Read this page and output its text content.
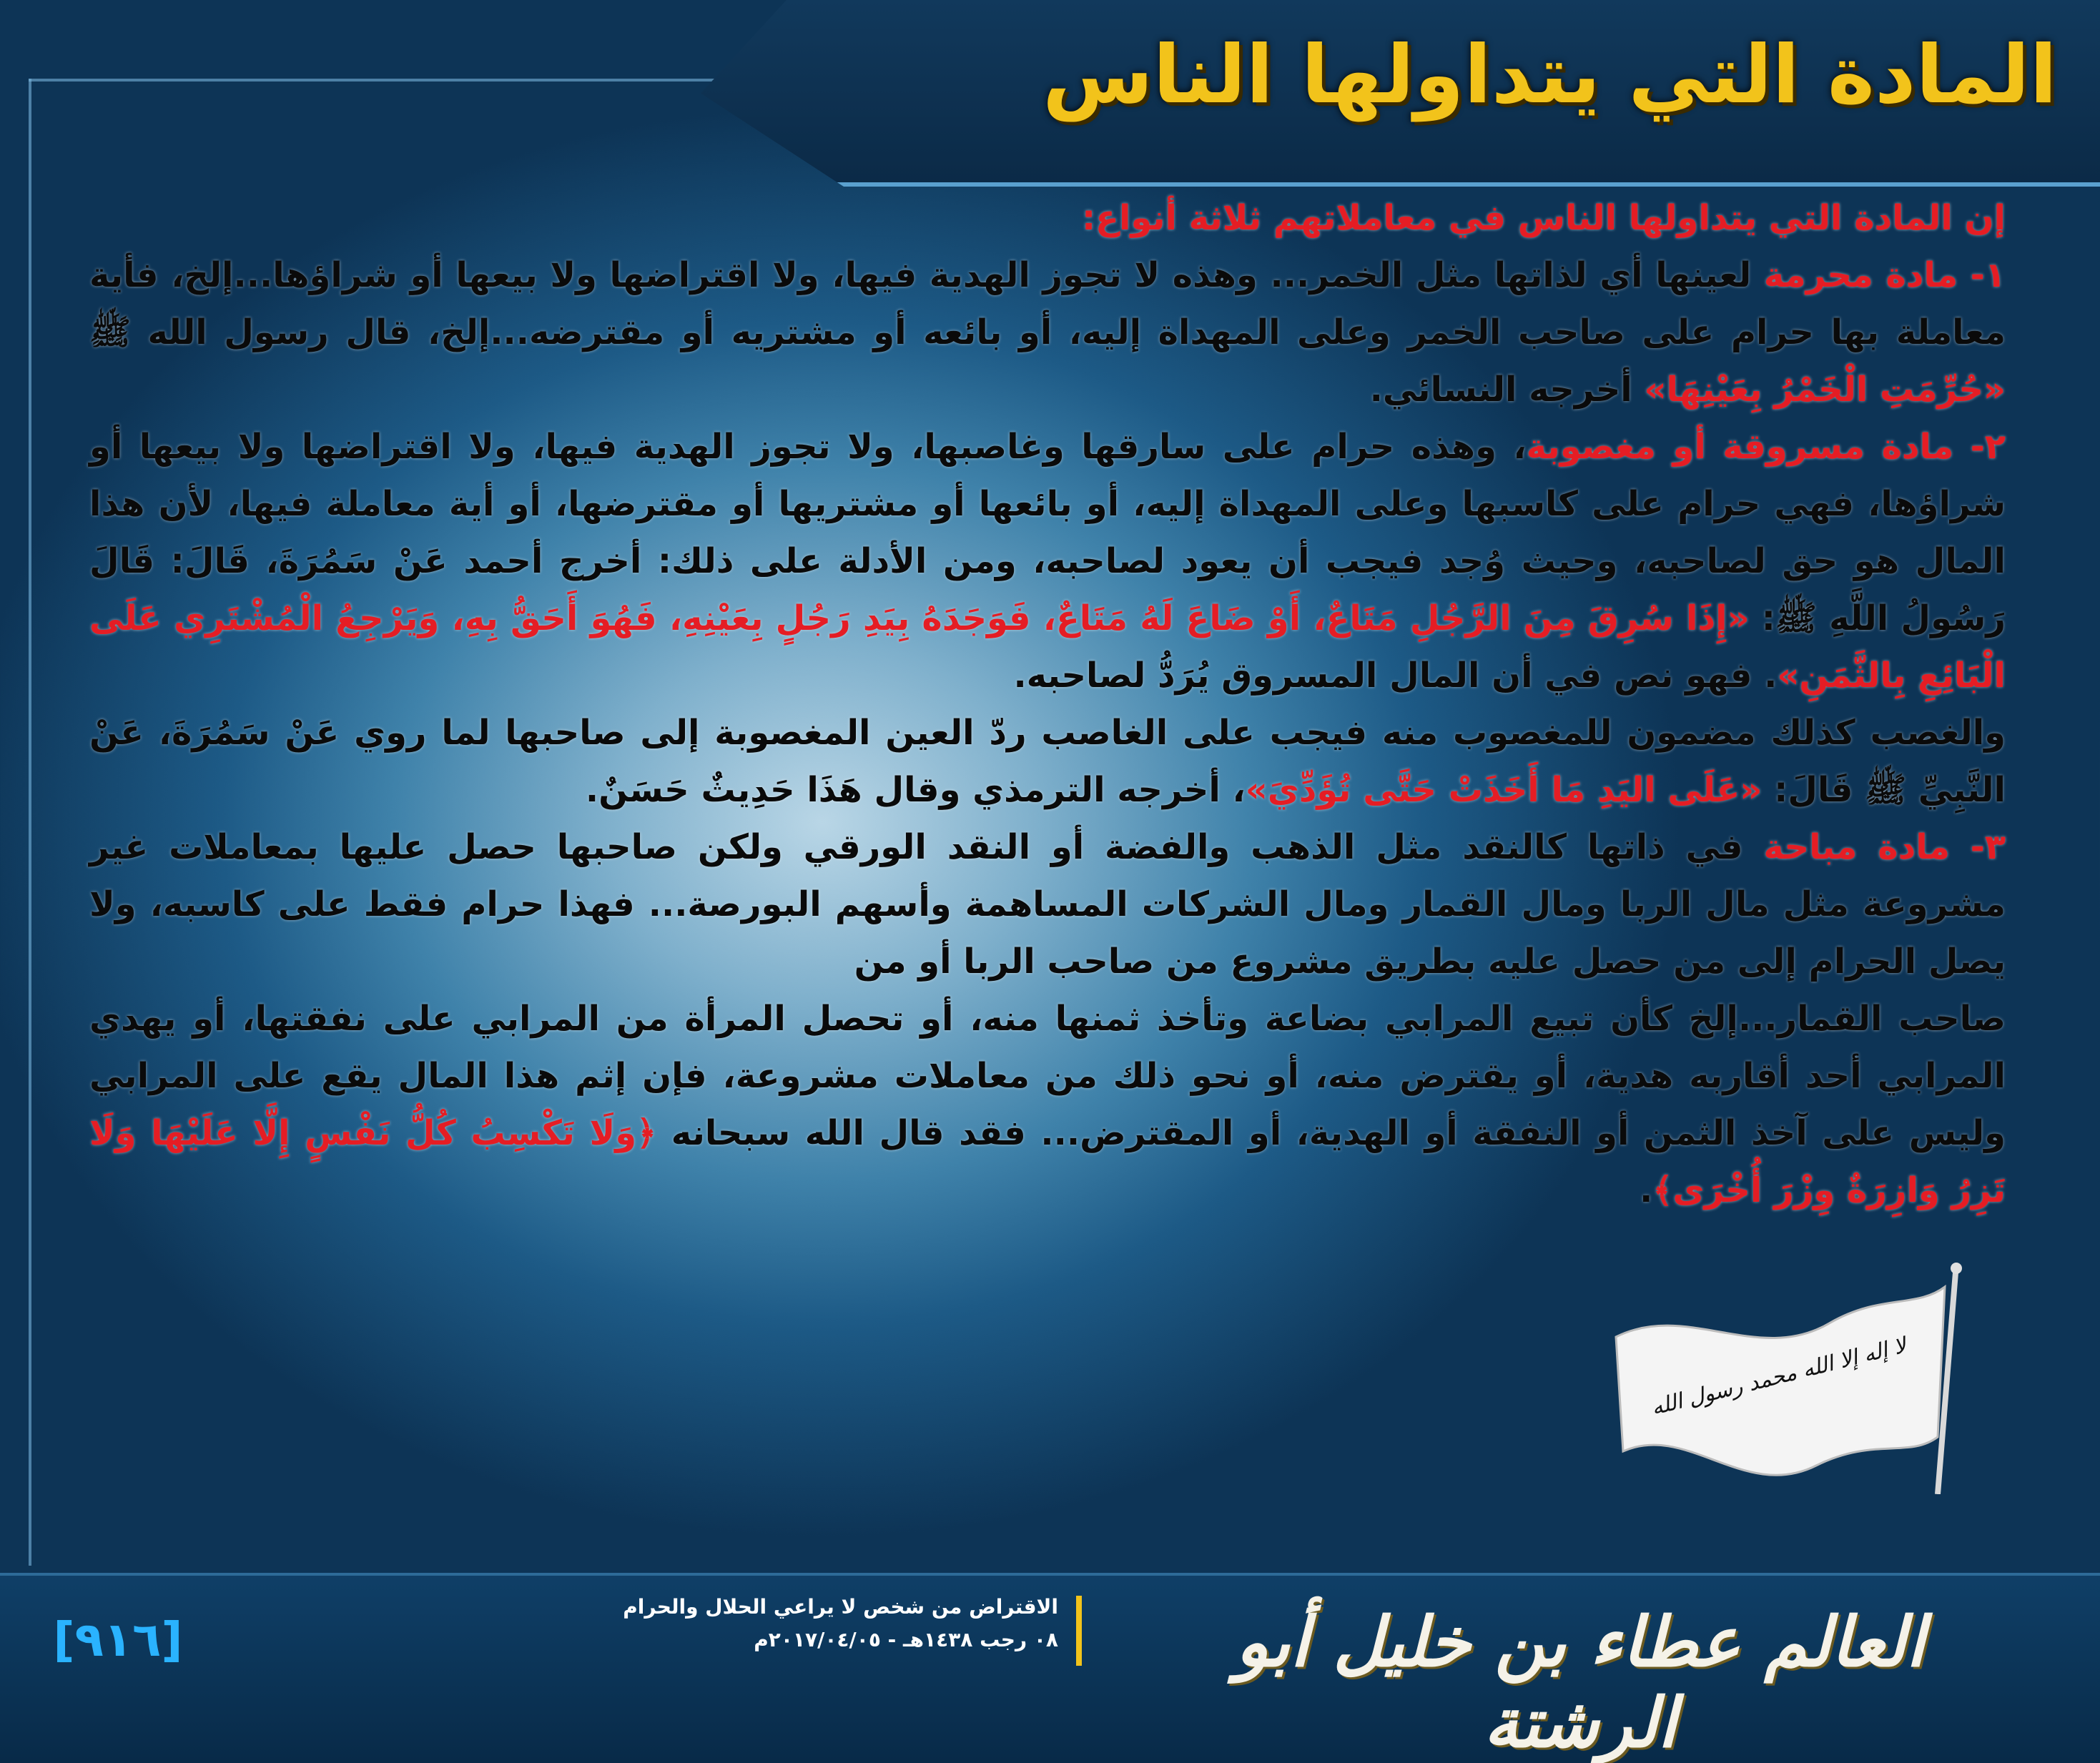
المادة التي يتداولها الناس

إن المادة التي يتداولها الناس في معاملاتهم ثلاثة أنواع:

١- مادة محرمة لعينها أي لذاتها مثل الخمر... وهذه لا تجوز الهدية فيها، ولا اقتراضها ولا بيعها أو شراؤها...إلخ، فأية معاملة بها حرام على صاحب الخمر وعلى المهداة إليه، أو بائعه أو مشتريه أو مقترضه...إلخ، قال رسول الله ﷺ «حُرِّمَتِ الْخَمْرُ بِعَيْنِهَا» أخرجه النسائي.

٢- مادة مسروقة أو مغصوبة، وهذه حرام على سارقها وغاصبها، ولا تجوز الهدية فيها، ولا اقتراضها ولا بيعها أو شراؤها، فهي حرام على كاسبها وعلى المهداة إليه، أو بائعها أو مشتريها أو مقترضها، أو أية معاملة فيها، لأن هذا المال هو حق لصاحبه، وحيث وُجد فيجب أن يعود لصاحبه، ومن الأدلة على ذلك: أخرج أحمد عَنْ سَمُرَةَ، قَالَ: قَالَ رَسُولُ اللَّهِ ﷺ: «إِذَا سُرِقَ مِنَ الرَّجُلِ مَتَاعٌ، أَوْ ضَاعَ لَهُ مَتَاعٌ، فَوَجَدَهُ بِيَدِ رَجُلٍ بِعَيْنِهِ، فَهُوَ أَحَقُّ بِهِ، وَيَرْجِعُ الْمُشْتَرِي عَلَى الْبَائِعِ بِالثَّمَنِ». فهو نص في أن المال المسروق يُرَدُّ لصاحبه.

والغصب كذلك مضمون للمغصوب منه فيجب على الغاصب ردّ العين المغصوبة إلى صاحبها لما روي عَنْ سَمُرَةَ، عَنْ النَّبِيِّ ﷺ قَالَ: «عَلَى اليَدِ مَا أَخَذَتْ حَتَّى تُؤَدِّيَ»، أخرجه الترمذي وقال هَذَا حَدِيثٌ حَسَنٌ.

٣- مادة مباحة في ذاتها كالنقد مثل الذهب والفضة أو النقد الورقي ولكن صاحبها حصل عليها بمعاملات غير مشروعة مثل مال الربا ومال القمار ومال الشركات المساهمة وأسهم البورصة... فهذا حرام فقط على كاسبه، ولا يصل الحرام إلى من حصل عليه بطريق مشروع من صاحب الربا أو من

صاحب القمار...إلخ كأن تبيع المرابي بضاعة وتأخذ ثمنها منه، أو تحصل المرأة من المرابي على نفقتها، أو يهدي المرابي أحد أقاربه هدية، أو يقترض منه، أو نحو ذلك من معاملات مشروعة، فإن إثم هذا المال يقع على المرابي وليس على آخذ الثمن أو النفقة أو الهدية، أو المقترض... فقد قال الله سبحانه ﴿وَلَا تَكْسِبُ كُلُّ نَفْسٍ إِلَّا عَلَيْهَا وَلَا تَزِرُ وَازِرَةٌ وِزْرَ أُخْرَى﴾.

لا إله إلا الله محمد رسول الله
[٩١٦]
الاقتراض من شخص لا يراعي الحلال والحرام
٠٨ رجب ١٤٣٨هـ - ٢٠١٧/٠٤/٠٥م	العالم عطاء بن خليل أبو الرشتة
